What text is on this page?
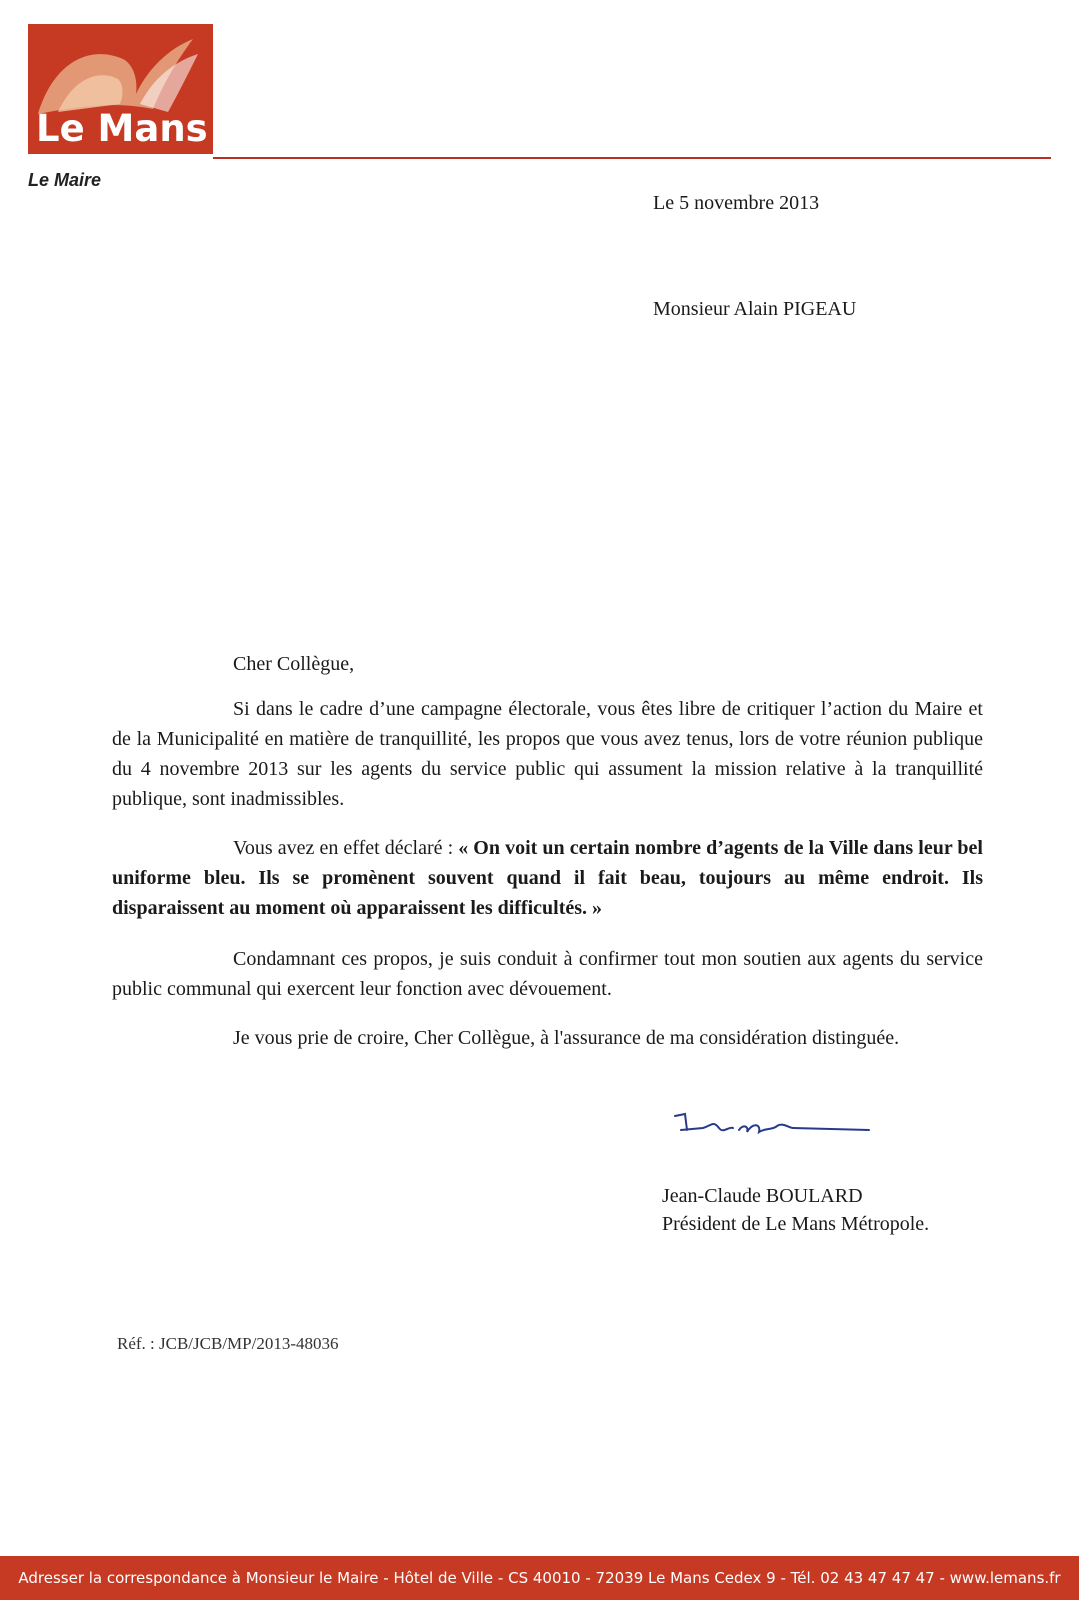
Le Mans
Le Maire
Le 5 novembre 2013
Monsieur Alain PIGEAU
Cher Collègue,

Si dans le cadre d’une campagne électorale, vous êtes libre de critiquer l’action du Maire et de la Municipalité en matière de tranquillité, les propos que vous avez tenus, lors de votre réunion publique du 4 novembre 2013 sur les agents du service public qui assument la mission relative à la tranquillité publique, sont inadmissibles.

Vous avez en effet déclaré : « On voit un certain nombre d’agents de la Ville dans leur bel uniforme bleu. Ils se promènent souvent quand il fait beau, toujours au même endroit. Ils disparaissent au moment où apparaissent les difficultés. »

Condamnant ces propos, je suis conduit à confirmer tout mon soutien aux agents du service public communal qui exercent leur fonction avec dévouement.

Je vous prie de croire, Cher Collègue, à l'assurance de ma considération distinguée.

Jean-Claude BOULARD
Président de Le Mans Métropole.
Réf. : JCB/JCB/MP/2013-48036
Adresser la correspondance à Monsieur le Maire - Hôtel de Ville - CS 40010 - 72039 Le Mans Cedex 9 - Tél. 02 43 47 47 47 - www.lemans.fr
